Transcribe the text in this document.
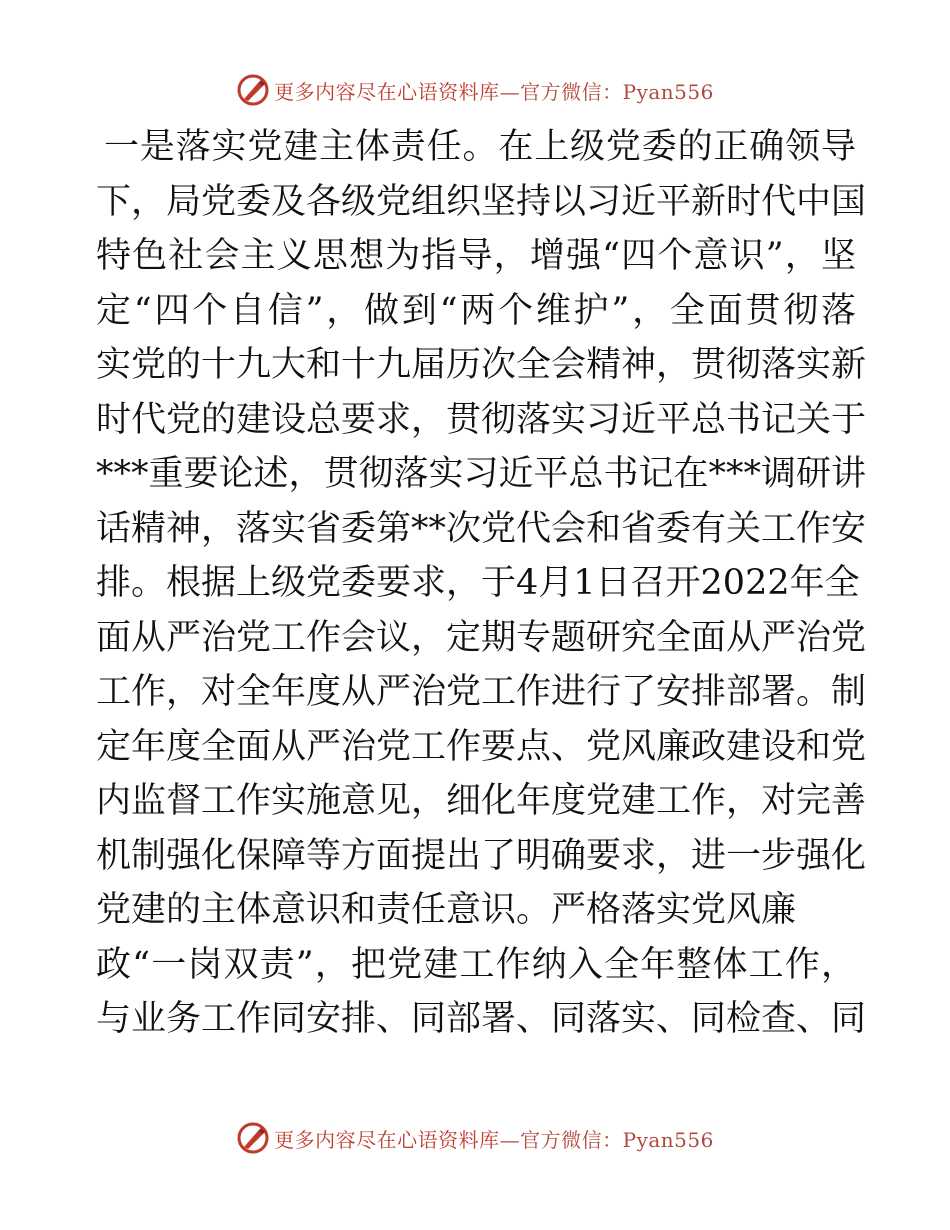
更多内容尽在心语资料库 —官方微信：Pyan556
一是落实党建主体责任。在上级党委的正确领导
下，局党委及各级党组织坚持以习近平新时代中国
特色社会主义思想为指导，增强“四个意识”，坚
定“四个自信”，做到“两个维护”，全面贯彻落
实党的十九大和十九届历次全会精神，贯彻落实新
时代党的建设总要求，贯彻落实习近平总书记关于
***重要论述，贯彻落实习近平总书记在***调研讲
话精神，落实省委第**次党代会和省委有关工作安
排。根据上级党委要求，于4月1日召开2022年全
面从严治党工作会议，定期专题研究全面从严治党
工作，对全年度从严治党工作进行了安排部署。制
定年度全面从严治党工作要点、党风廉政建设和党
内监督工作实施意见，细化年度党建工作，对完善
机制强化保障等方面提出了明确要求，进一步强化
党建的主体意识和责任意识。严格落实党风廉
政“一岗双责”，把党建工作纳入全年整体工作，
与业务工作同安排、同部署、同落实、同检查、同
更多内容尽在心语资料库 —官方微信：Pyan556
